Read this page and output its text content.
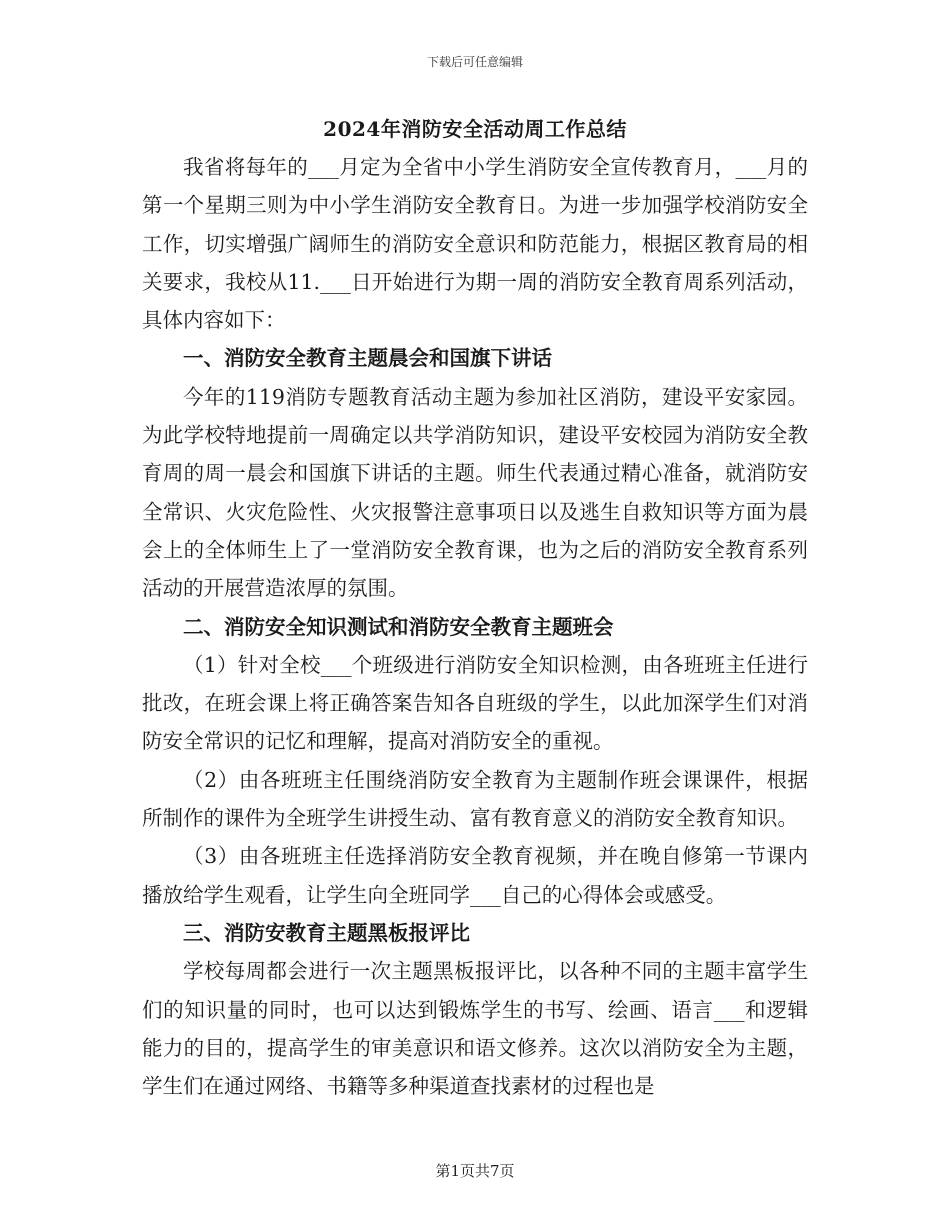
下载后可任意编辑
2024年消防安全活动周工作总结

我省将每年的___月定为全省中小学生消防安全宣传教育月，___月的第一个星期三则为中小学生消防安全教育日。为进一步加强学校消防安全工作，切实增强广阔师生的消防安全意识和防范能力，根据区教育局的相关要求，我校从11.___日开始进行为期一周的消防安全教育周系列活动，具体内容如下：

一、消防安全教育主题晨会和国旗下讲话

今年的119消防专题教育活动主题为参加社区消防，建设平安家园。为此学校特地提前一周确定以共学消防知识，建设平安校园为消防安全教育周的周一晨会和国旗下讲话的主题。师生代表通过精心准备，就消防安全常识、火灾危险性、火灾报警注意事项日以及逃生自救知识等方面为晨会上的全体师生上了一堂消防安全教育课，也为之后的消防安全教育系列活动的开展营造浓厚的氛围。

二、消防安全知识测试和消防安全教育主题班会

（1）针对全校___个班级进行消防安全知识检测，由各班班主任进行批改，在班会课上将正确答案告知各自班级的学生，以此加深学生们对消防安全常识的记忆和理解，提高对消防安全的重视。

（2）由各班班主任围绕消防安全教育为主题制作班会课课件，根据所制作的课件为全班学生讲授生动、富有教育意义的消防安全教育知识。

（3）由各班班主任选择消防安全教育视频，并在晚自修第一节课内播放给学生观看，让学生向全班同学___自己的心得体会或感受。

三、消防安教育主题黑板报评比

学校每周都会进行一次主题黑板报评比，以各种不同的主题丰富学生们的知识量的同时，也可以达到锻炼学生的书写、绘画、语言___和逻辑能力的目的，提高学生的审美意识和语文修养。这次以消防安全为主题，学生们在通过网络、书籍等多种渠道查找素材的过程也是

第1页共7页
